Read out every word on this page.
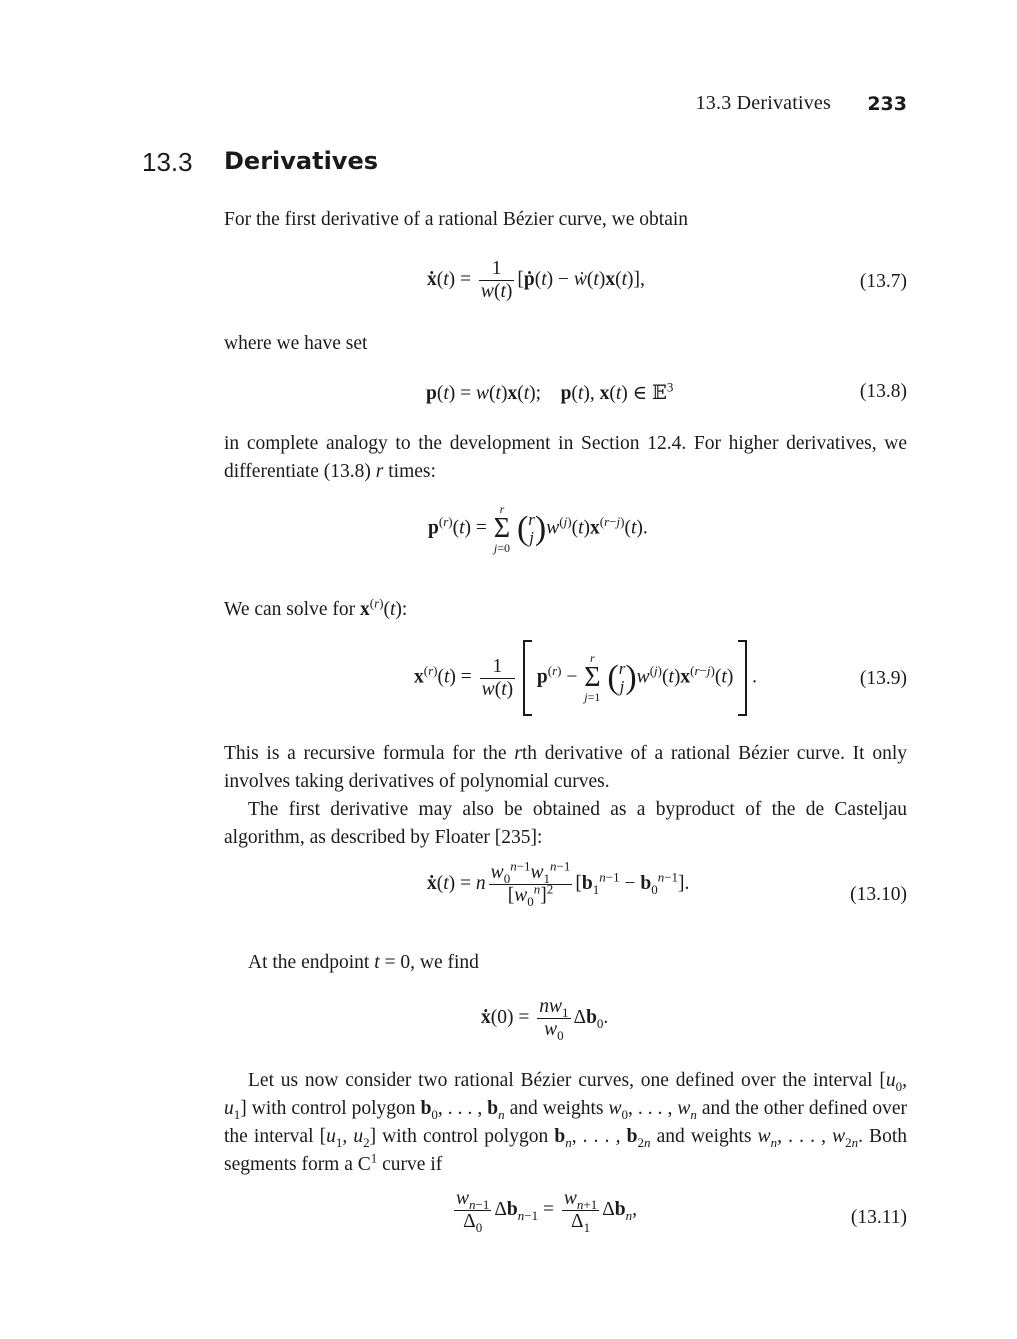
13.3 Derivatives 233
13.3 Derivatives
For the first derivative of a rational Bézier curve, we obtain
ẋ(t) = $\frac{1}{w(t)}$ [ṗ(t) − ẇ(t)x(t)],	(13.7)
where we have set
p(t) = w(t)x(t);    p(t), x(t) ∈ 𝔼$^3$	(13.8)
in complete analogy to the development in Section 12.4. For higher derivatives, we differentiate (13.8) r times:
$p^{(r)}(t)$ =
r
Σ
j=0
(r
$j)w^{(j)}(t)x^{(r-j)}(t)$.
We can solve for $x^{(r)}(t)$:
$x^{(r)}(t) = \frac{1}{w(t)} p^{(r)}$ −
r
Σ
j=1
(r
$j)w^{(j)}(t)x^{(r-j)}(t)$  .	(13.9)
This is a recursive formula for the rth derivative of a rational Bézier curve. It only involves taking derivatives of polynomial curves.
The first derivative may also be obtained as a byproduct of the de Casteljau algorithm, as described by Floater [235]:
ẋ(t) = n $\frac{w_0^{n-1}w_1^{n-1}}{[w_0^n]^2} [b_1^{n-1} - b_0^{n-1}]$.
(13.10)
At the endpoint t = 0, we find
ẋ(0) = $\frac{nw_1}{w_0} \Delta b_0$.
Let us now consider two rational Bézier curves, one defined over the interval [$u_0$, $u_1$] with control polygon $b_0$, . . . , $b_n$ and weights $w_0$, . . . , $w_n$ and the other defined over the interval [$u_1$, $u_2$] with control polygon $b_n$, . . . , $b_{2n}$ and weights $w_n$, . . . , $w_{2n}$. Both segments form a $C^1$ curve if
$\frac{w_{n-1}}{\Delta_0} \Delta b_{n-1} = \frac{w_{n+1}}{\Delta_1} \Delta b_n$,	(13.11)
